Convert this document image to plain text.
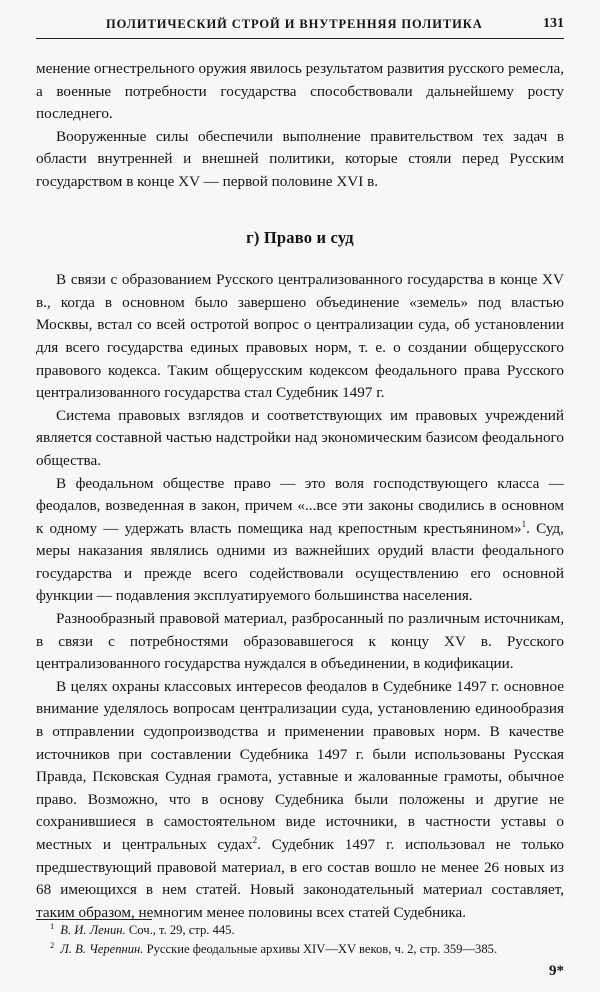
ПОЛИТИЧЕСКИЙ СТРОЙ И ВНУТРЕННЯЯ ПОЛИТИКА	131

менение огнестрельного оружия явилось результатом развития русского ремесла, а военные потребности государства способствовали дальнейшему росту последнего.

Вооруженные силы обеспечили выполнение правительством тех задач в области внутренней и внешней политики, которые стояли перед Русским государством в конце XV — первой половине XVI в.

г) Право и суд

В связи с образованием Русского централизованного государства в конце XV в., когда в основном было завершено объединение «земель» под властью Москвы, встал со всей остротой вопрос о централизации суда, об установлении для всего государства единых правовых норм, т. е. о создании общерусского правового кодекса. Таким общерусским кодексом феодального права Русского централизованного государства стал Судебник 1497 г.

Система правовых взглядов и соответствующих им правовых учреждений является составной частью надстройки над экономическим базисом феодального общества.

В феодальном обществе право — это воля господствующего класса — феодалов, возведенная в закон, причем «...все эти законы сводились в основном к одному — удержать власть помещика над крепостным крестьянином»$^1$. Суд, меры наказания являлись одними из важнейших орудий власти феодального государства и прежде всего содействовали осуществлению его основной функции — подавления эксплуатируемого большинства населения.

Разнообразный правовой материал, разбросанный по различным источникам, в связи с потребностями образовавшегося к концу XV в. Русского централизованного государства нуждался в объединении, в кодификации.

В целях охраны классовых интересов феодалов в Судебнике 1497 г. основное внимание уделялось вопросам централизации суда, установлению единообразия в отправлении судопроизводства и применении правовых норм. В качестве источников при составлении Судебника 1497 г. были использованы Русская Правда, Псковская Судная грамота, уставные и жалованные грамоты, обычное право. Возможно, что в основу Судебника были положены и другие не сохранившиеся в самостоятельном виде источники, в частности уставы о местных и центральных судах$^2$. Судебник 1497 г. использовал не только предшествующий правовой материал, в его состав вошло не менее 26 новых из 68 имеющихся в нем статей. Новый законодательный материал составляет, таким образом, немногим менее половины всех статей Судебника.

$^1$ В. И. Ленин. Соч., т. 29, стр. 445.
$^2$ Л. В. Черепнин. Русские феодальные архивы XIV—XV веков, ч. 2, стр. 359—385.
9*
